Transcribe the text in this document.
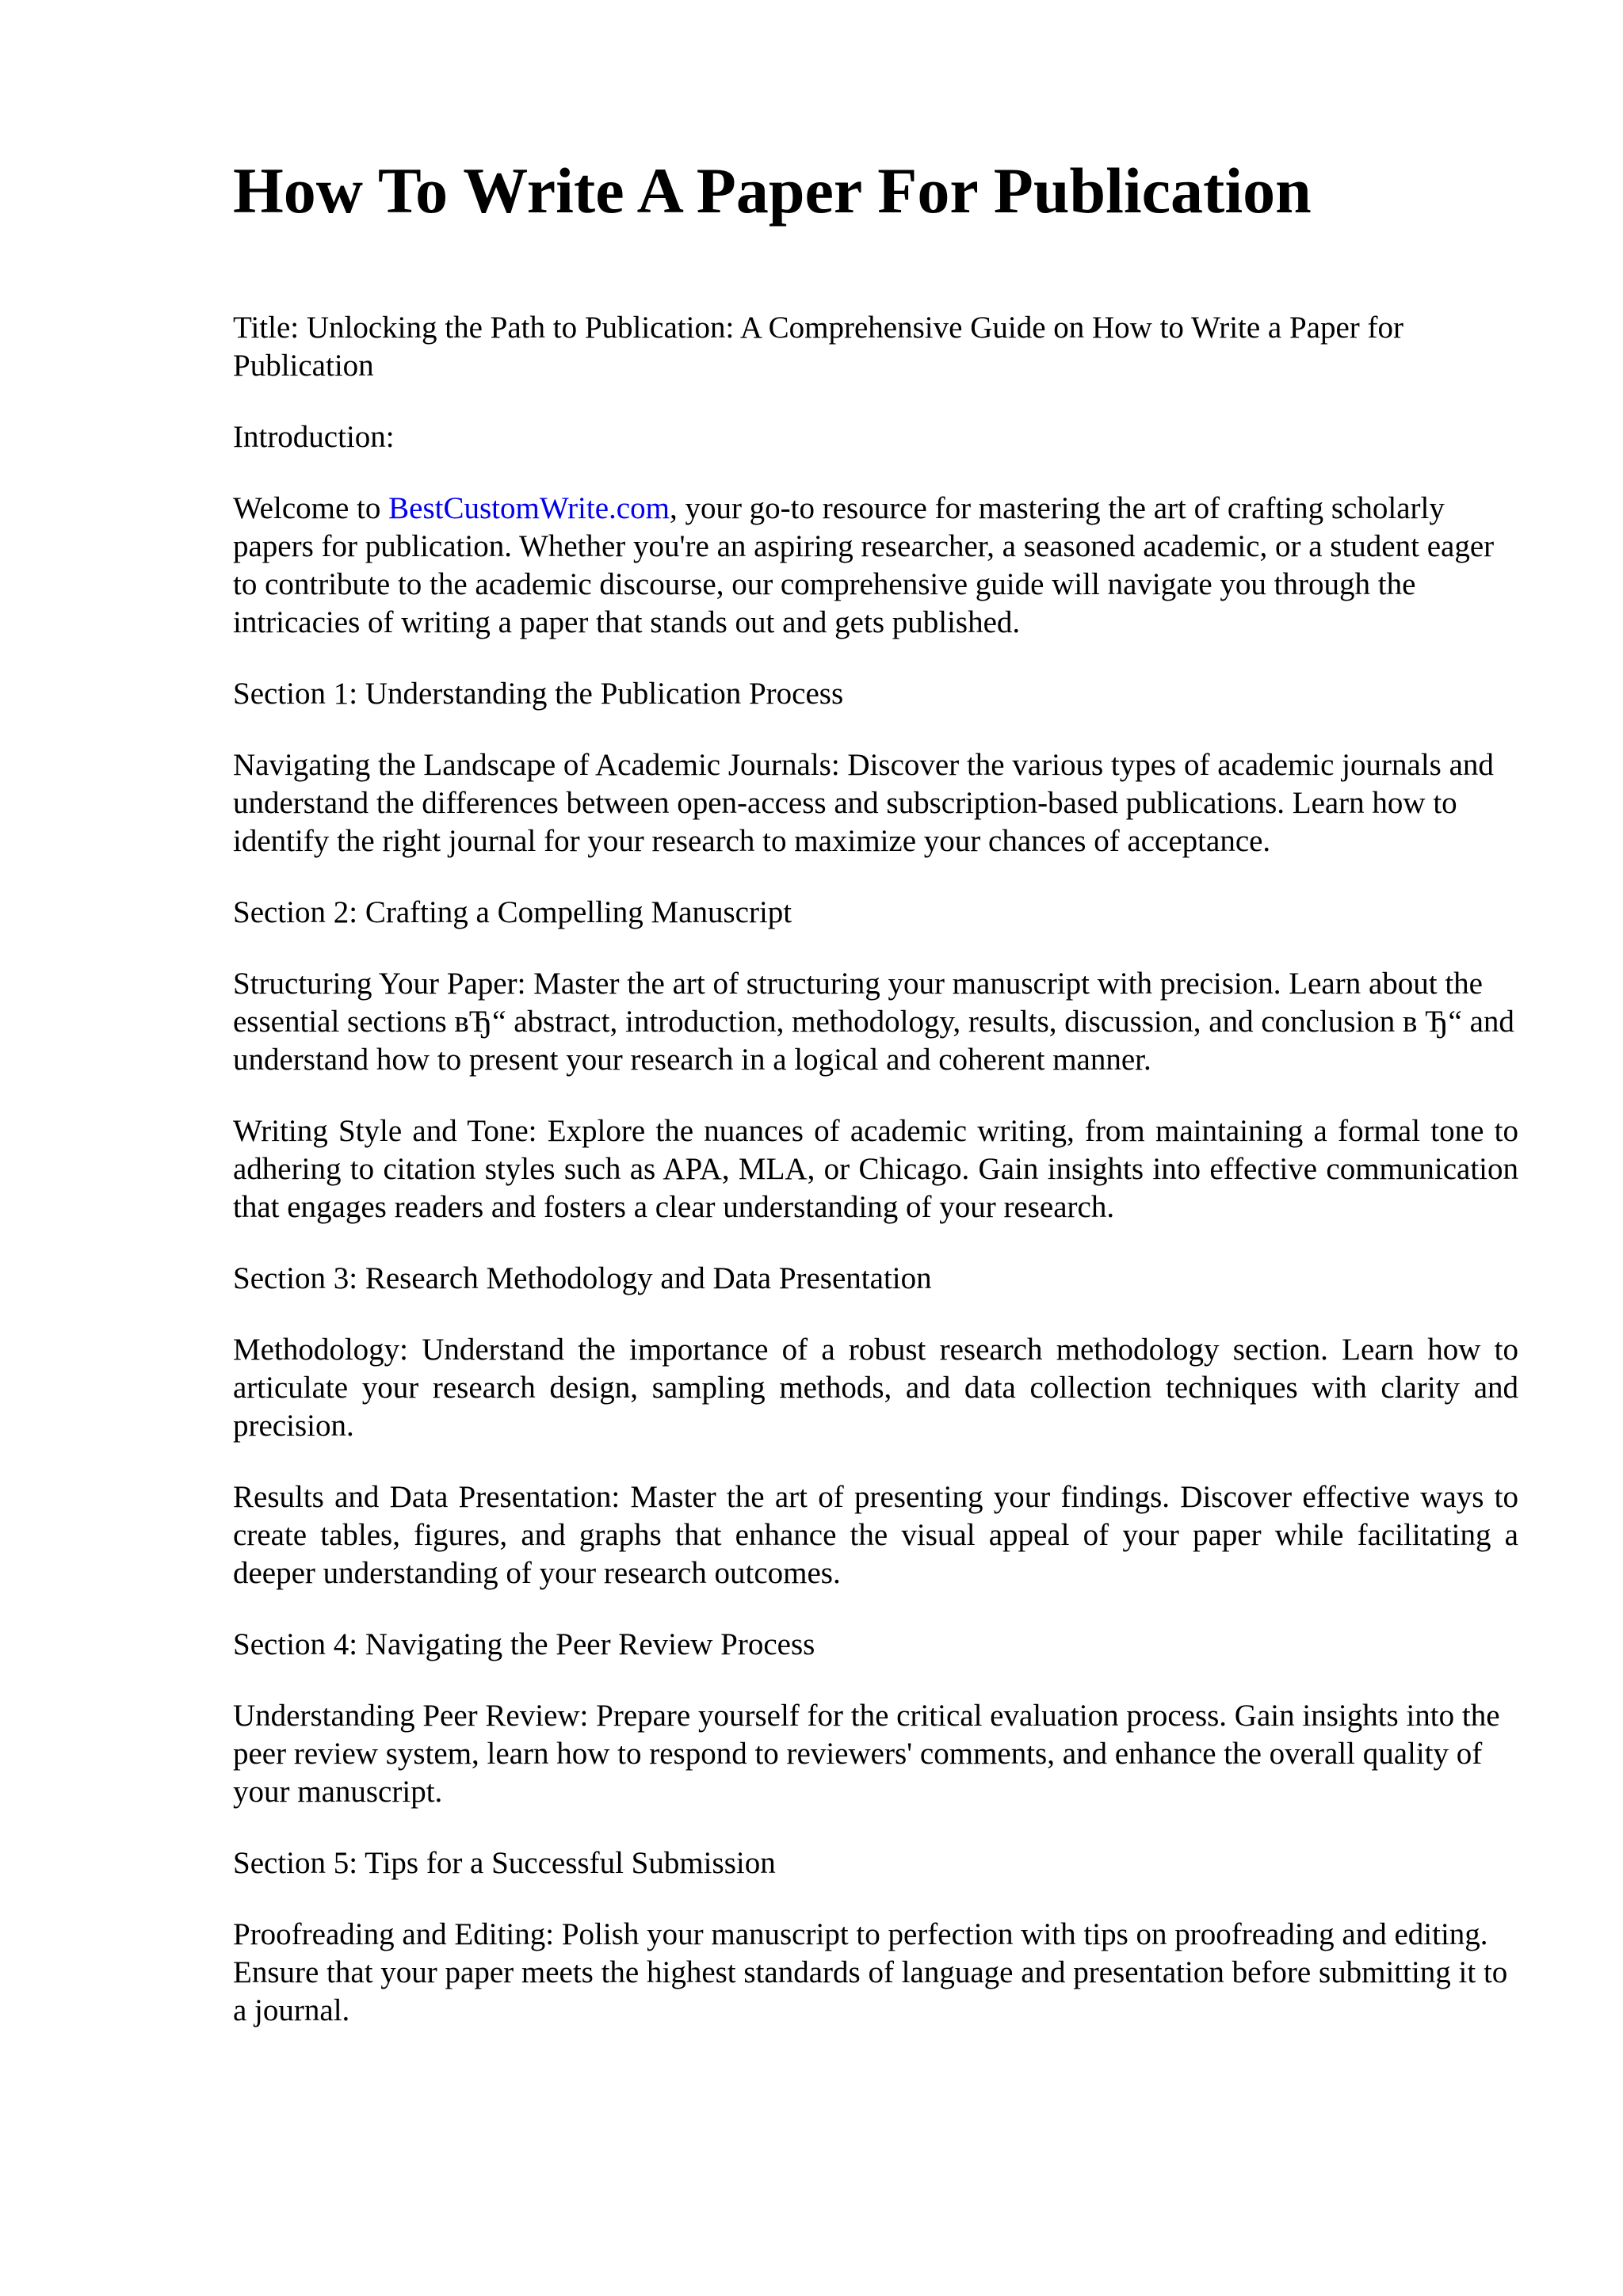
How To Write A Paper For Publication

Title: Unlocking the Path to Publication: A Comprehensive Guide on How to Write a Paper for Publication

Introduction:

Welcome to BestCustomWrite.com, your go-to resource for mastering the art of crafting scholarly papers for publication. Whether you're an aspiring researcher, a seasoned academic, or a student eager to contribute to the academic discourse, our comprehensive guide will navigate you through the intricacies of writing a paper that stands out and gets published.

Section 1: Understanding the Publication Process

Navigating the Landscape of Academic Journals: Discover the various types of academic journals and understand the differences between open-access and subscription-based publications. Learn how to identify the right journal for your research to maximize your chances of acceptance.

Section 2: Crafting a Compelling Manuscript

Structuring Your Paper: Master the art of structuring your manuscript with precision. Learn about the essential sections вЂ“ abstract, introduction, methodology, results, discussion, and conclusion в Ђ“ and understand how to present your research in a logical and coherent manner.

Writing Style and Tone: Explore the nuances of academic writing, from maintaining a formal tone to adhering to citation styles such as APA, MLA, or Chicago. Gain insights into effective communication that engages readers and fosters a clear understanding of your research.

Section 3: Research Methodology and Data Presentation

Methodology: Understand the importance of a robust research methodology section. Learn how to articulate your research design, sampling methods, and data collection techniques with clarity and precision.

Results and Data Presentation: Master the art of presenting your findings. Discover effective ways to create tables, figures, and graphs that enhance the visual appeal of your paper while facilitating a deeper understanding of your research outcomes.

Section 4: Navigating the Peer Review Process

Understanding Peer Review: Prepare yourself for the critical evaluation process. Gain insights into the peer review system, learn how to respond to reviewers' comments, and enhance the overall quality of your manuscript.

Section 5: Tips for a Successful Submission

Proofreading and Editing: Polish your manuscript to perfection with tips on proofreading and editing. Ensure that your paper meets the highest standards of language and presentation before submitting it to a journal.
